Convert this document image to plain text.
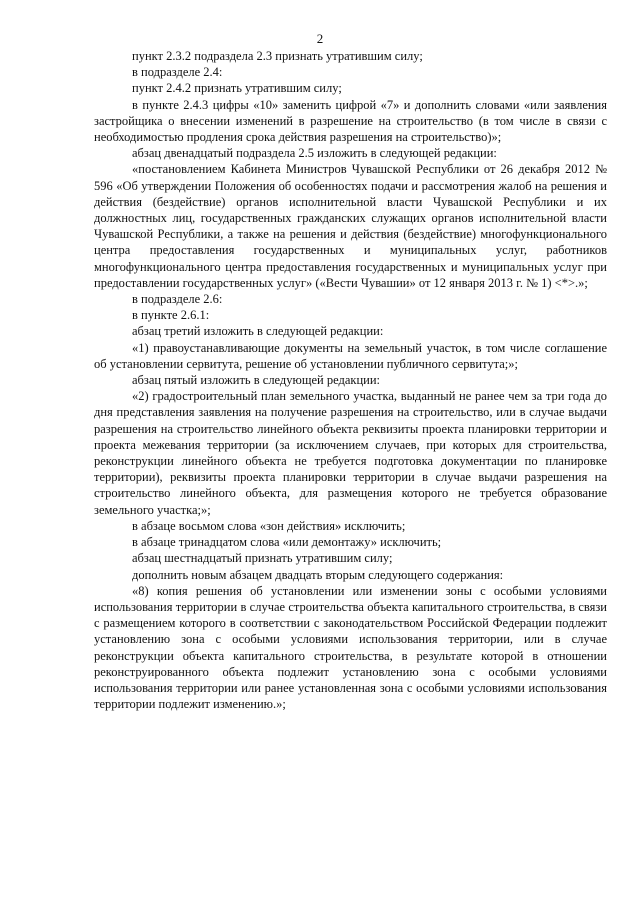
2

пункт 2.3.2 подраздела 2.3 признать утратившим силу;

в подразделе 2.4:

пункт 2.4.2 признать утратившим силу;

в пункте 2.4.3 цифры «10» заменить цифрой «7» и дополнить словами «или заявления застройщика о внесении изменений в разрешение на строительство (в том числе в связи с необходимостью продления срока действия разрешения на строительство)»;

абзац двенадцатый подраздела 2.5 изложить в следующей редакции:

«постановлением Кабинета Министров Чувашской Республики от 26 декабря 2012 № 596 «Об утверждении Положения об особенностях подачи и рассмотрения жалоб на решения и действия (бездействие) органов исполнительной власти Чувашской Республики и их должностных лиц, государственных гражданских служащих органов исполнительной власти Чувашской Республики, а также на решения и действия (бездействие) многофункционального центра предоставления государственных и муниципальных услуг, работников многофункционального центра предоставления государственных и муниципальных услуг при предоставлении государственных услуг» («Вести Чувашии» от 12 января 2013 г. № 1) <*>.»;

в подразделе 2.6:

в пункте 2.6.1:

абзац третий изложить в следующей редакции:

«1) правоустанавливающие документы на земельный участок, в том числе соглашение об установлении сервитута, решение об установлении публичного сервитута;»;

абзац пятый изложить в следующей редакции:

«2) градостроительный план земельного участка, выданный не ранее чем за три года до дня представления заявления на получение разрешения на строительство, или в случае выдачи разрешения на строительство линейного объекта реквизиты проекта планировки территории и проекта межевания территории (за исключением случаев, при которых для строительства, реконструкции линейного объекта не требуется подготовка документации по планировке территории), реквизиты проекта планировки территории в случае выдачи разрешения на строительство линейного объекта, для размещения которого не требуется образование земельного участка;»;

в абзаце восьмом слова «зон действия» исключить;

в абзаце тринадцатом слова «или демонтажу» исключить;

абзац шестнадцатый признать утратившим силу;

дополнить новым абзацем двадцать вторым следующего содержания:

«8) копия решения об установлении или изменении зоны с особыми условиями использования территории в случае строительства объекта капитального строительства, в связи с размещением которого в соответствии с законодательством Российской Федерации подлежит установлению зона с особыми условиями использования территории, или в случае реконструкции объекта капитального строительства, в результате которой в отношении реконструированного объекта подлежит установлению зона с особыми условиями использования территории или ранее установленная зона с особыми условиями использования территории подлежит изменению.»;
